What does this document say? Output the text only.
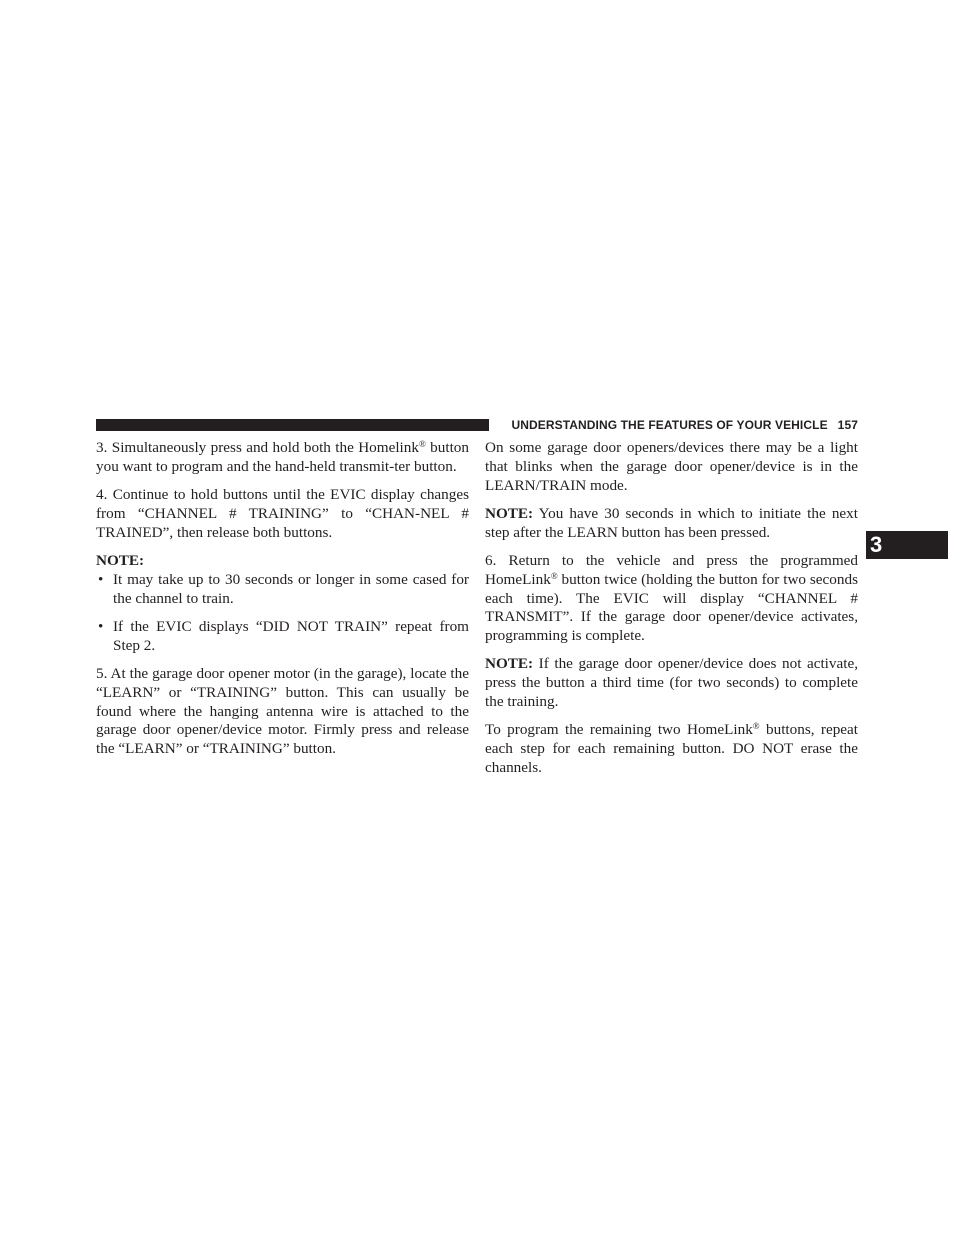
UNDERSTANDING THE FEATURES OF YOUR VEHICLE 157
3

3. Simultaneously press and hold both the Homelink® button you want to program and the hand-held transmit-ter button.

4. Continue to hold buttons until the EVIC display changes from “CHANNEL # TRAINING” to “CHAN-NEL # TRAINED”, then release both buttons.

NOTE:

• It may take up to 30 seconds or longer in some cased for the channel to train.
• If the EVIC displays “DID NOT TRAIN” repeat from Step 2.

5. At the garage door opener motor (in the garage), locate the “LEARN” or “TRAINING” button. This can usually be found where the hanging antenna wire is attached to the garage door opener/device motor. Firmly press and release the “LEARN” or “TRAINING” button.

On some garage door openers/devices there may be a light that blinks when the garage door opener/device is in the LEARN/TRAIN mode.

NOTE: You have 30 seconds in which to initiate the next step after the LEARN button has been pressed.

6. Return to the vehicle and press the programmed HomeLink® button twice (holding the button for two seconds each time). The EVIC will display “CHANNEL # TRANSMIT”. If the garage door opener/device activates, programming is complete.

NOTE: If the garage door opener/device does not activate, press the button a third time (for two seconds) to complete the training.

To program the remaining two HomeLink® buttons, repeat each step for each remaining button. DO NOT erase the channels.
